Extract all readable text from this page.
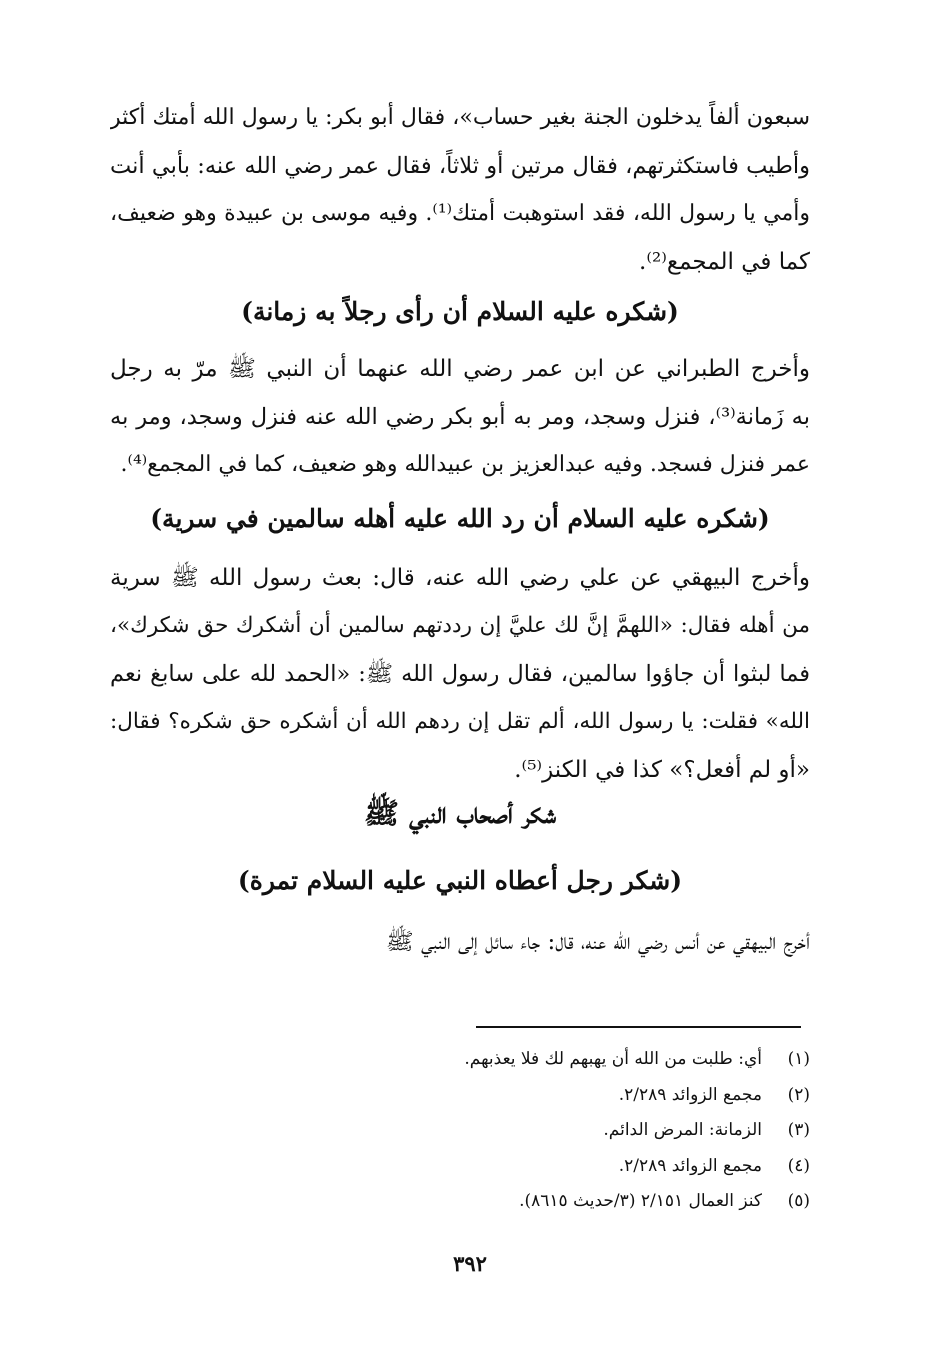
سبعون ألفاً يدخلون الجنة بغير حساب»، فقال أبو بكر: يا رسول الله أمتك أكثر
وأطيب فاستكثرتهم، فقال مرتين أو ثلاثاً، فقال عمر رضي الله عنه: بأبي أنت
وأمي يا رسول الله، فقد استوهبت أمتك⁽¹⁾. وفيه موسى بن عبيدة وهو ضعيف،
كما في المجمع⁽²⁾.
(شكره عليه السلام أن رأى رجلاً به زمانة)
وأخرج الطبراني عن ابن عمر رضي الله عنهما أن النبي ﷺ مرّ به رجل
به زَمانة⁽³⁾، فنزل وسجد، ومر به أبو بكر رضي الله عنه فنزل وسجد، ومر به
عمر فنزل فسجد. وفيه عبدالعزيز بن عبيدالله وهو ضعيف، كما في المجمع⁽⁴⁾.
(شكره عليه السلام أن رد الله عليه أهله سالمين في سرية)
وأخرج البيهقي عن علي رضي الله عنه، قال: بعث رسول الله ﷺ سرية
من أهله فقال: «اللهمَّ إنَّ لك عليَّ إن رددتهم سالمين أن أشكرك حق شكرك»،
فما لبثوا أن جاؤوا سالمين، فقال رسول الله ﷺ: «الحمد لله على سابغ نعم
الله» فقلت: يا رسول الله، ألم تقل إن ردهم الله أن أشكره حق شكره؟ فقال:
«أو لم أفعل؟» كذا في الكنز⁽⁵⁾.
شكر أصحاب النبي ﷺ
(شكر رجل أعطاه النبي عليه السلام تمرة)
أخرج البيهقي عن أنس رضي الله عنه، قال: جاء سائل إلى النبي ﷺ
(١)
أي: طلبت من الله أن يهبهم لك فلا يعذبهم.
(٢)
مجمع الزوائد ٢/٢٨٩.
(٣)
الزمانة: المرض الدائم.
(٤)
مجمع الزوائد ٢/٢٨٩.
(٥)
كنز العمال ٢/١٥١ (٣/حديث ٨٦١٥).
٣٩٢
